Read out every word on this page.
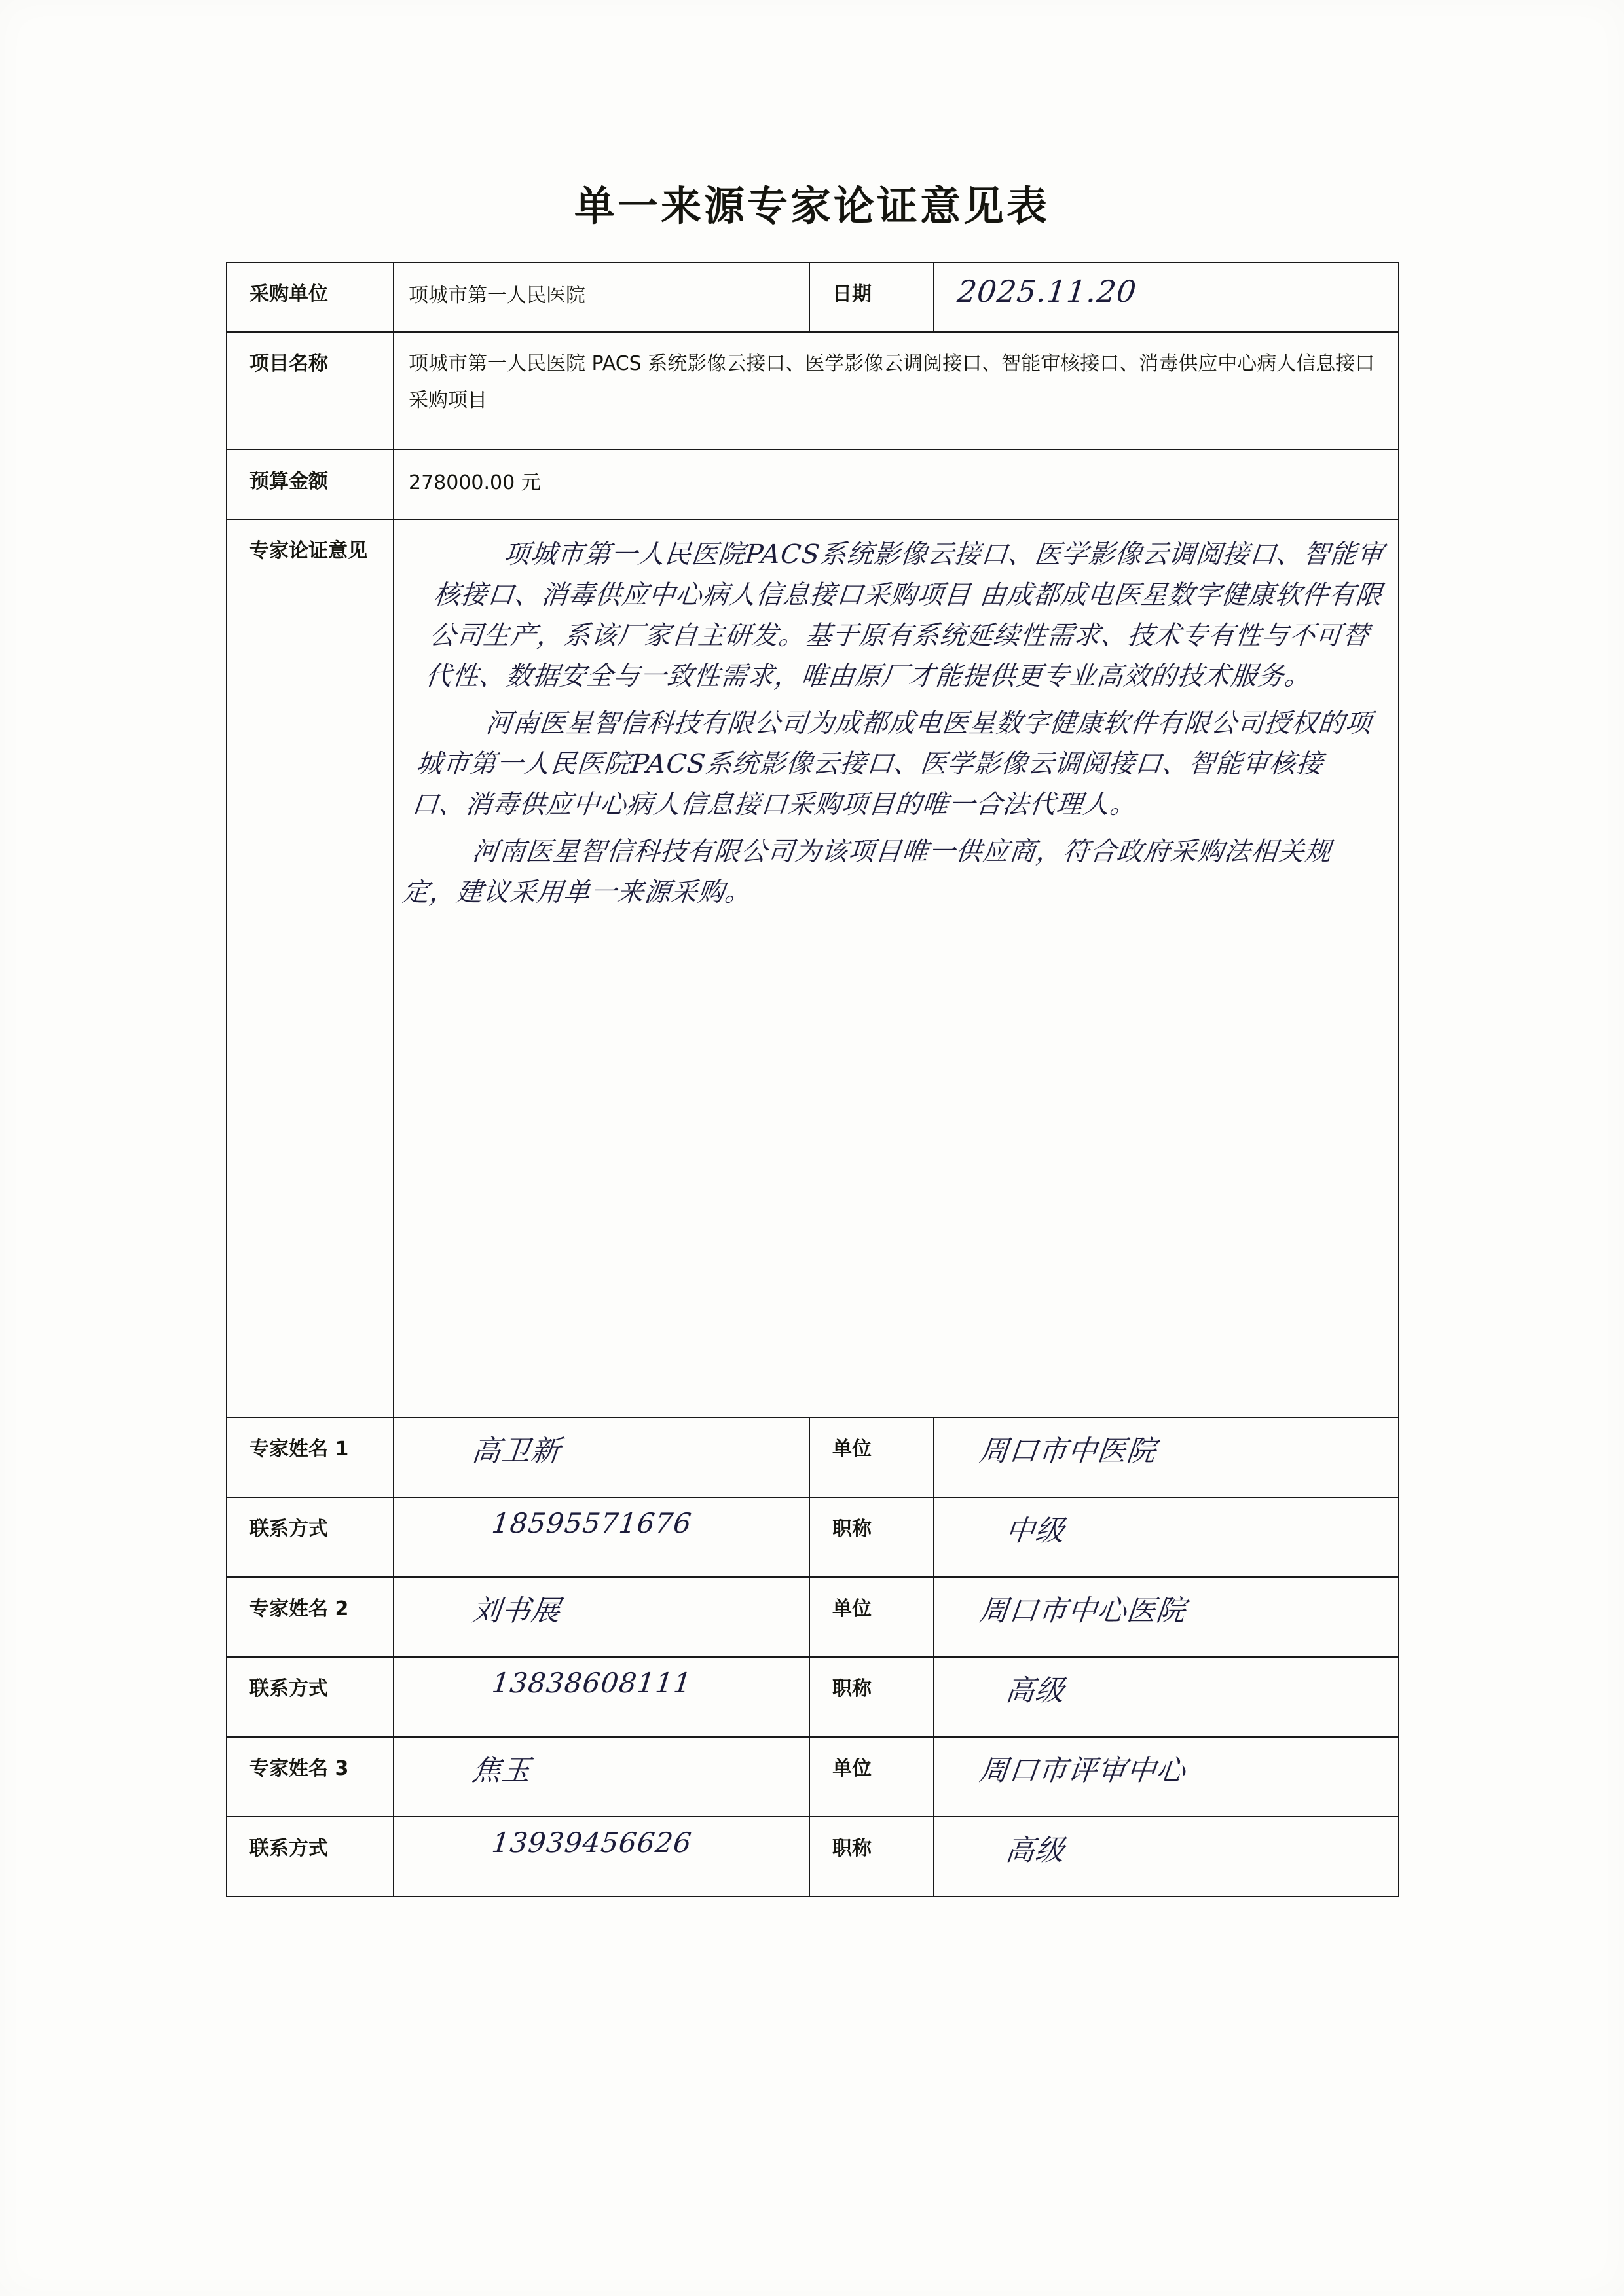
单一来源专家论证意见表
采购单位	项城市第一人民医院	日期	2025.11.20

项目名称	项城市第一人民医院 PACS 系统影像云接口、医学影像云调阅接口、智能审核接口、消毒供应中心病人信息接口采购项目		

预算金额	278000.00 元		

专家论证意见	项城市第一人民医院PACS系统影像云接口、医学影像云调阅接口、智能审核接口、消毒供应中心病人信息接口采购项目 由成都成电医星数字健康软件有限公司生产，系该厂家自主研发。基于原有系统延续性需求、技术专有性与不可替代性、数据安全与一致性需求，唯由原厂才能提供更专业高效的技术服务。

河南医星智信科技有限公司为成都成电医星数字健康软件有限公司授权的项城市第一人民医院PACS系统影像云接口、医学影像云调阅接口、智能审核接口、消毒供应中心病人信息接口采购项目的唯一合法代理人。

河南医星智信科技有限公司为该项目唯一供应商，符合政府采购法相关规定，建议采用单一来源采购。		

专家姓名 1	高卫新	单位	周口市中医院

联系方式	18595571676	职称	中级

专家姓名 2	刘书展	单位	周口市中心医院

联系方式	13838608111	职称	高级

专家姓名 3	焦玉	单位	周口市评审中心

联系方式	13939456626	职称	高级
